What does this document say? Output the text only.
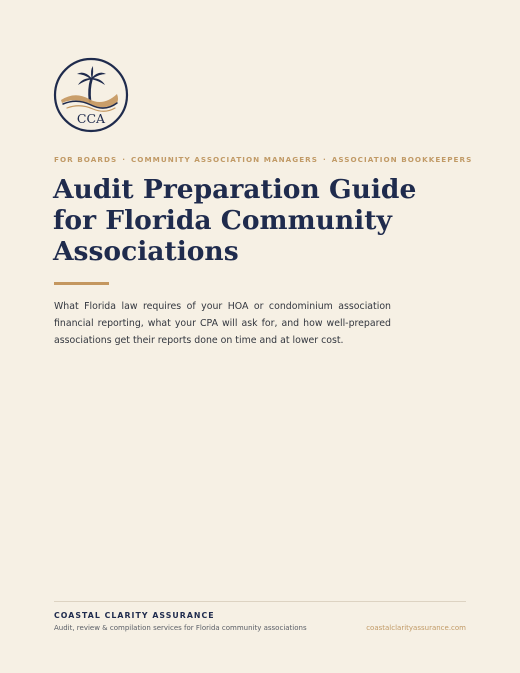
CCA
FOR BOARDS · COMMUNITY ASSOCIATION MANAGERS · ASSOCIATION BOOKKEEPERS
Audit Preparation Guide for Florida Community Associations

What Florida law requires of your HOA or condominium association financial reporting, what your CPA will ask for, and how well-prepared associations get their reports done on time and at lower cost.

COASTAL CLARITY ASSURANCE
Audit, review & compilation services for Florida community associations	coastalclarityassurance.com
